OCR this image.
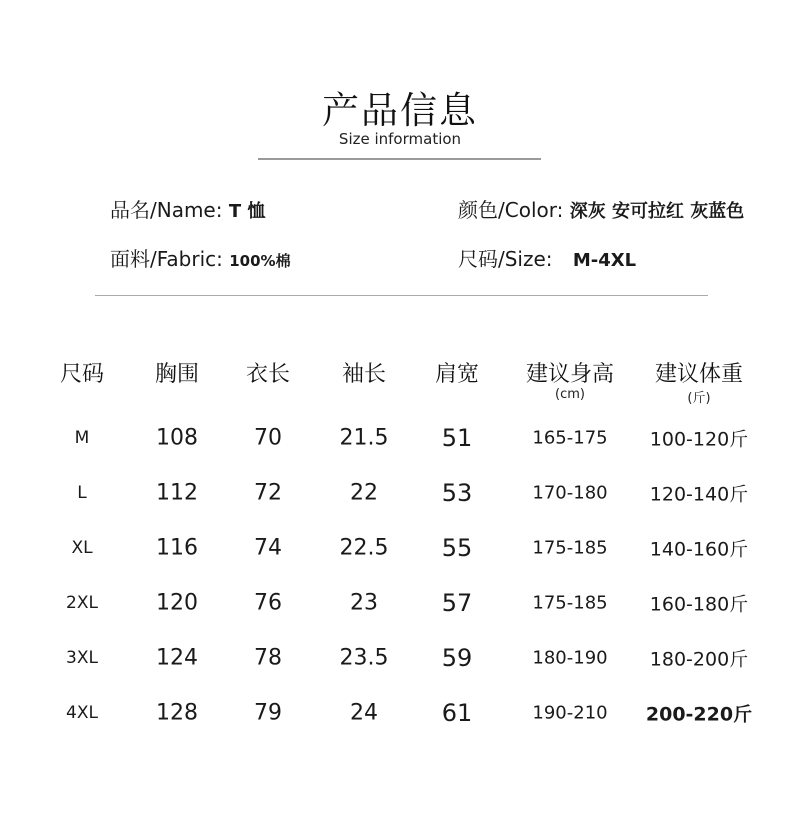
产品信息
Size information
品名/Name: T 恤	颜色/Color: 深灰 安可拉红 灰蓝色
面料/Fabric: 100%棉	尺码/Size: M-4XL
尺码	胸围	衣长	袖长	肩宽	建议身高	建议体重
(cm)	(斤)
M	108	70	21.5	51	165-175	100-120斤
L	112	72	22	53	170-180	120-140斤
XL	116	74	22.5	55	175-185	140-160斤
2XL	120	76	23	57	175-185	160-180斤
3XL	124	78	23.5	59	180-190	180-200斤
4XL	128	79	24	61	190-210	200-220斤
